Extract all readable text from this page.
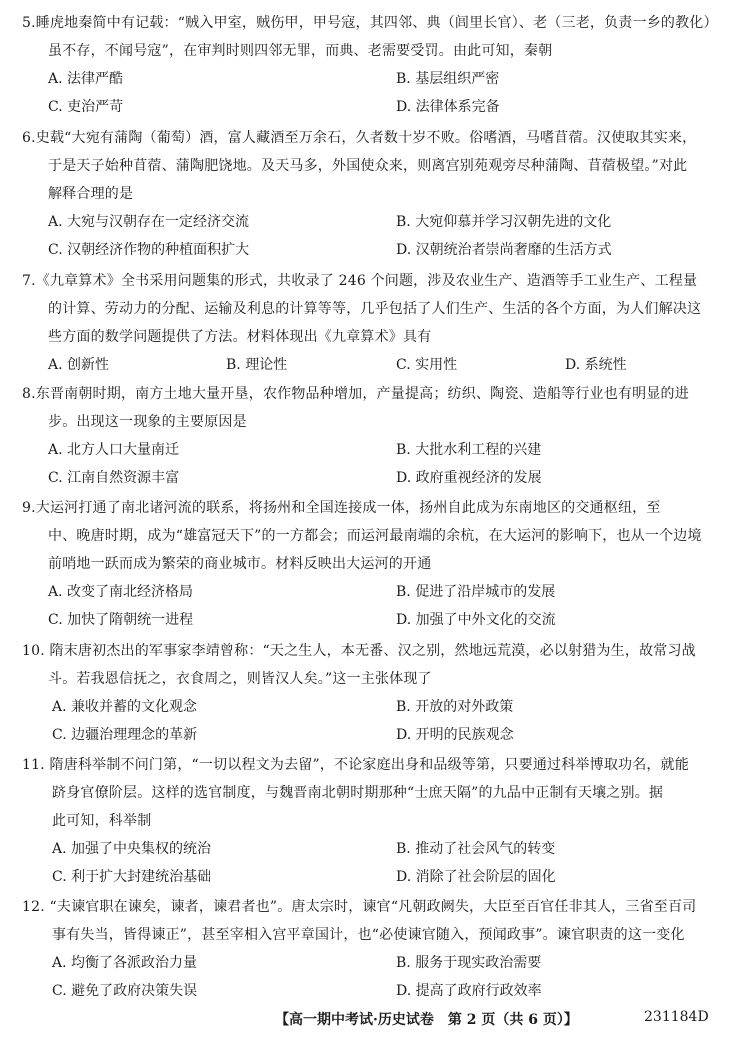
5.睡虎地秦简中有记载：“贼入甲室，贼伤甲，甲号寇，其四邻、典（闾里长官）、老（三老，负责一乡的教化）
虽不存，不闻号寇”，在审判时则四邻无罪，而典、老需要受罚。由此可知，秦朝
A. 法律严酷	B. 基层组织严密
C. 吏治严苛	D. 法律体系完备
6.史载“大宛有蒲陶（葡萄）酒，富人藏酒至万余石，久者数十岁不败。俗嗜酒，马嗜苜蓿。汉使取其实来，
于是天子始种苜蓿、蒲陶肥饶地。及天马多，外国使众来，则离宫别苑观旁尽种蒲陶、苜蓿极望。”对此
解释合理的是
A. 大宛与汉朝存在一定经济交流	B. 大宛仰慕并学习汉朝先进的文化
C. 汉朝经济作物的种植面积扩大	D. 汉朝统治者崇尚奢靡的生活方式
7.《九章算术》全书采用问题集的形式，共收录了 246 个问题，涉及农业生产、造酒等手工业生产、工程量
的计算、劳动力的分配、运输及利息的计算等等，几乎包括了人们生产、生活的各个方面，为人们解决这
些方面的数学问题提供了方法。材料体现出《九章算术》具有
A. 创新性	B. 理论性	C. 实用性	D. 系统性
8.东晋南朝时期，南方土地大量开垦，农作物品种增加，产量提高；纺织、陶瓷、造船等行业也有明显的进
步。出现这一现象的主要原因是
A. 北方人口大量南迁	B. 大批水利工程的兴建
C. 江南自然资源丰富	D. 政府重视经济的发展
9.大运河打通了南北诸河流的联系，将扬州和全国连接成一体，扬州自此成为东南地区的交通枢纽，至
中、晚唐时期，成为“雄富冠天下”的一方都会；而运河最南端的余杭，在大运河的影响下，也从一个边境
前哨地一跃而成为繁荣的商业城市。材料反映出大运河的开通
A. 改变了南北经济格局	B. 促进了沿岸城市的发展
C. 加快了隋朝统一进程	D. 加强了中外文化的交流
10. 隋末唐初杰出的军事家李靖曾称：“天之生人，本无番、汉之别，然地远荒漠，必以射猎为生，故常习战
斗。若我恩信抚之，衣食周之，则皆汉人矣。”这一主张体现了
A. 兼收并蓄的文化观念	B. 开放的对外政策
C. 边疆治理理念的革新	D. 开明的民族观念
11. 隋唐科举制不问门第，“一切以程文为去留”，不论家庭出身和品级等第，只要通过科举博取功名，就能
跻身官僚阶层。这样的选官制度，与魏晋南北朝时期那种“士庶天隔”的九品中正制有天壤之别。据
此可知，科举制
A. 加强了中央集权的统治	B. 推动了社会风气的转变
C. 利于扩大封建统治基础	D. 消除了社会阶层的固化
12. “夫谏官职在谏矣，谏者，谏君者也”。唐太宗时，谏官“凡朝政阙失，大臣至百官任非其人，三省至百司
事有失当，皆得谏正”，甚至宰相入宫平章国计，也“必使谏官随入，预闻政事”。谏官职责的这一变化
A. 均衡了各派政治力量	B. 服务于现实政治需要
C. 避免了政府决策失误	D. 提高了政府行政效率
【高一期中考试·历史试卷　第 2 页（共 6 页）】	231184D
